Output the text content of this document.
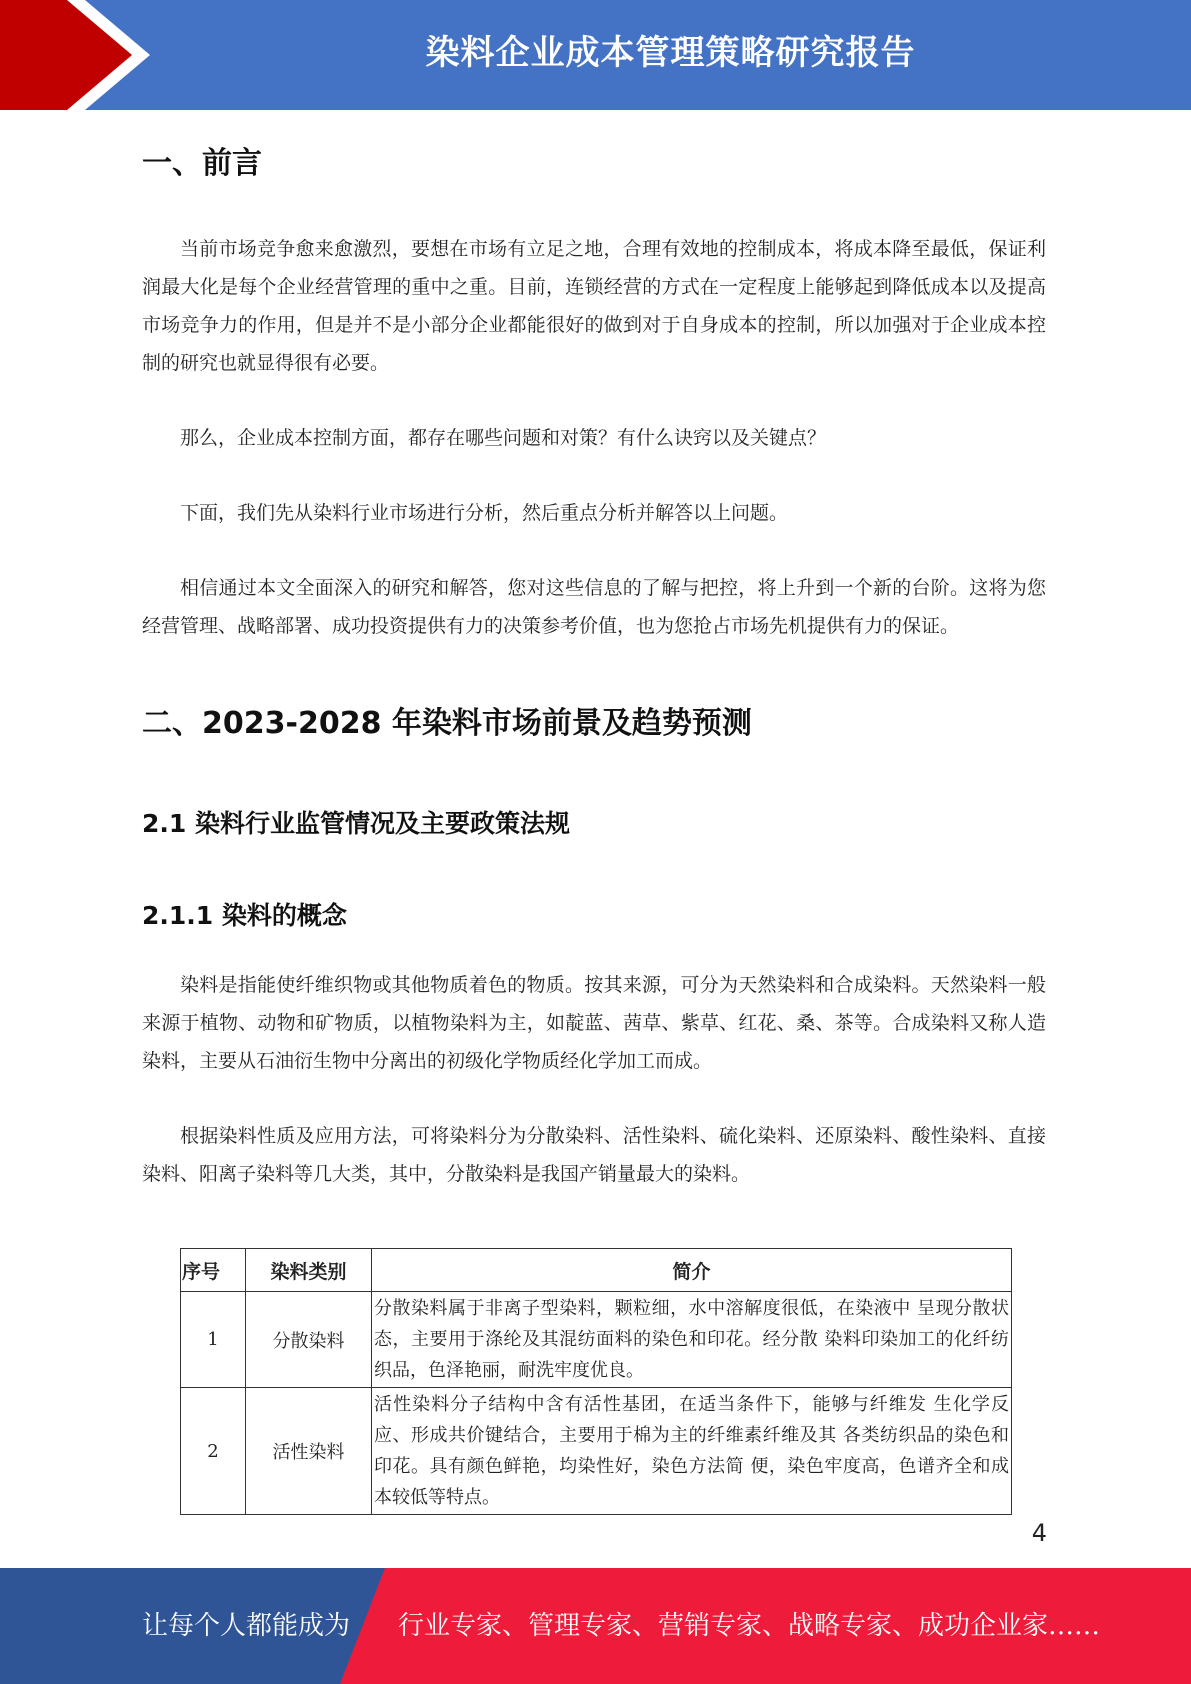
染料企业成本管理策略研究报告
一、前言

当前市场竞争愈来愈激烈，要想在市场有立足之地，合理有效地的控制成本，将成本降至最低，保证利润最大化是每个企业经营管理的重中之重。目前，连锁经营的方式在一定程度上能够起到降低成本以及提高市场竞争力的作用，但是并不是小部分企业都能很好的做到对于自身成本的控制，所以加强对于企业成本控制的研究也就显得很有必要。

那么，企业成本控制方面，都存在哪些问题和对策？有什么诀窍以及关键点？

下面，我们先从染料行业市场进行分析，然后重点分析并解答以上问题。

相信通过本文全面深入的研究和解答，您对这些信息的了解与把控，将上升到一个新的台阶。这将为您经营管理、战略部署、成功投资提供有力的决策参考价值，也为您抢占市场先机提供有力的保证。

二、2023-2028 年染料市场前景及趋势预测
2.1 染料行业监管情况及主要政策法规
2.1.1 染料的概念

染料是指能使纤维织物或其他物质着色的物质。按其来源，可分为天然染料和合成染料。天然染料一般来源于植物、动物和矿物质，以植物染料为主，如靛蓝、茜草、紫草、红花、桑、茶等。合成染料又称人造染料，主要从石油衍生物中分离出的初级化学物质经化学加工而成。

根据染料性质及应用方法，可将染料分为分散染料、活性染料、硫化染料、还原染料、酸性染料、直接染料、阳离子染料等几大类，其中，分散染料是我国产销量最大的染料。

序号	染料类别	简介
1	分散染料	分散染料属于非离子型染料，颗粒细，水中溶解度很低，在染液中 呈现分散状态，主要用于涤纶及其混纺面料的染色和印花。经分散 染料印染加工的化纤纺织品，色泽艳丽，耐洗牢度优良。
2	活性染料	活性染料分子结构中含有活性基团，在适当条件下，能够与纤维发 生化学反应、形成共价键结合，主要用于棉为主的纤维素纤维及其 各类纺织品的染色和印花。具有颜色鲜艳，均染性好，染色方法简 便，染色牢度高，色谱齐全和成本较低等特点。
4
让每个人都能成为 行业专家、管理专家、营销专家、战略专家、成功企业家……
